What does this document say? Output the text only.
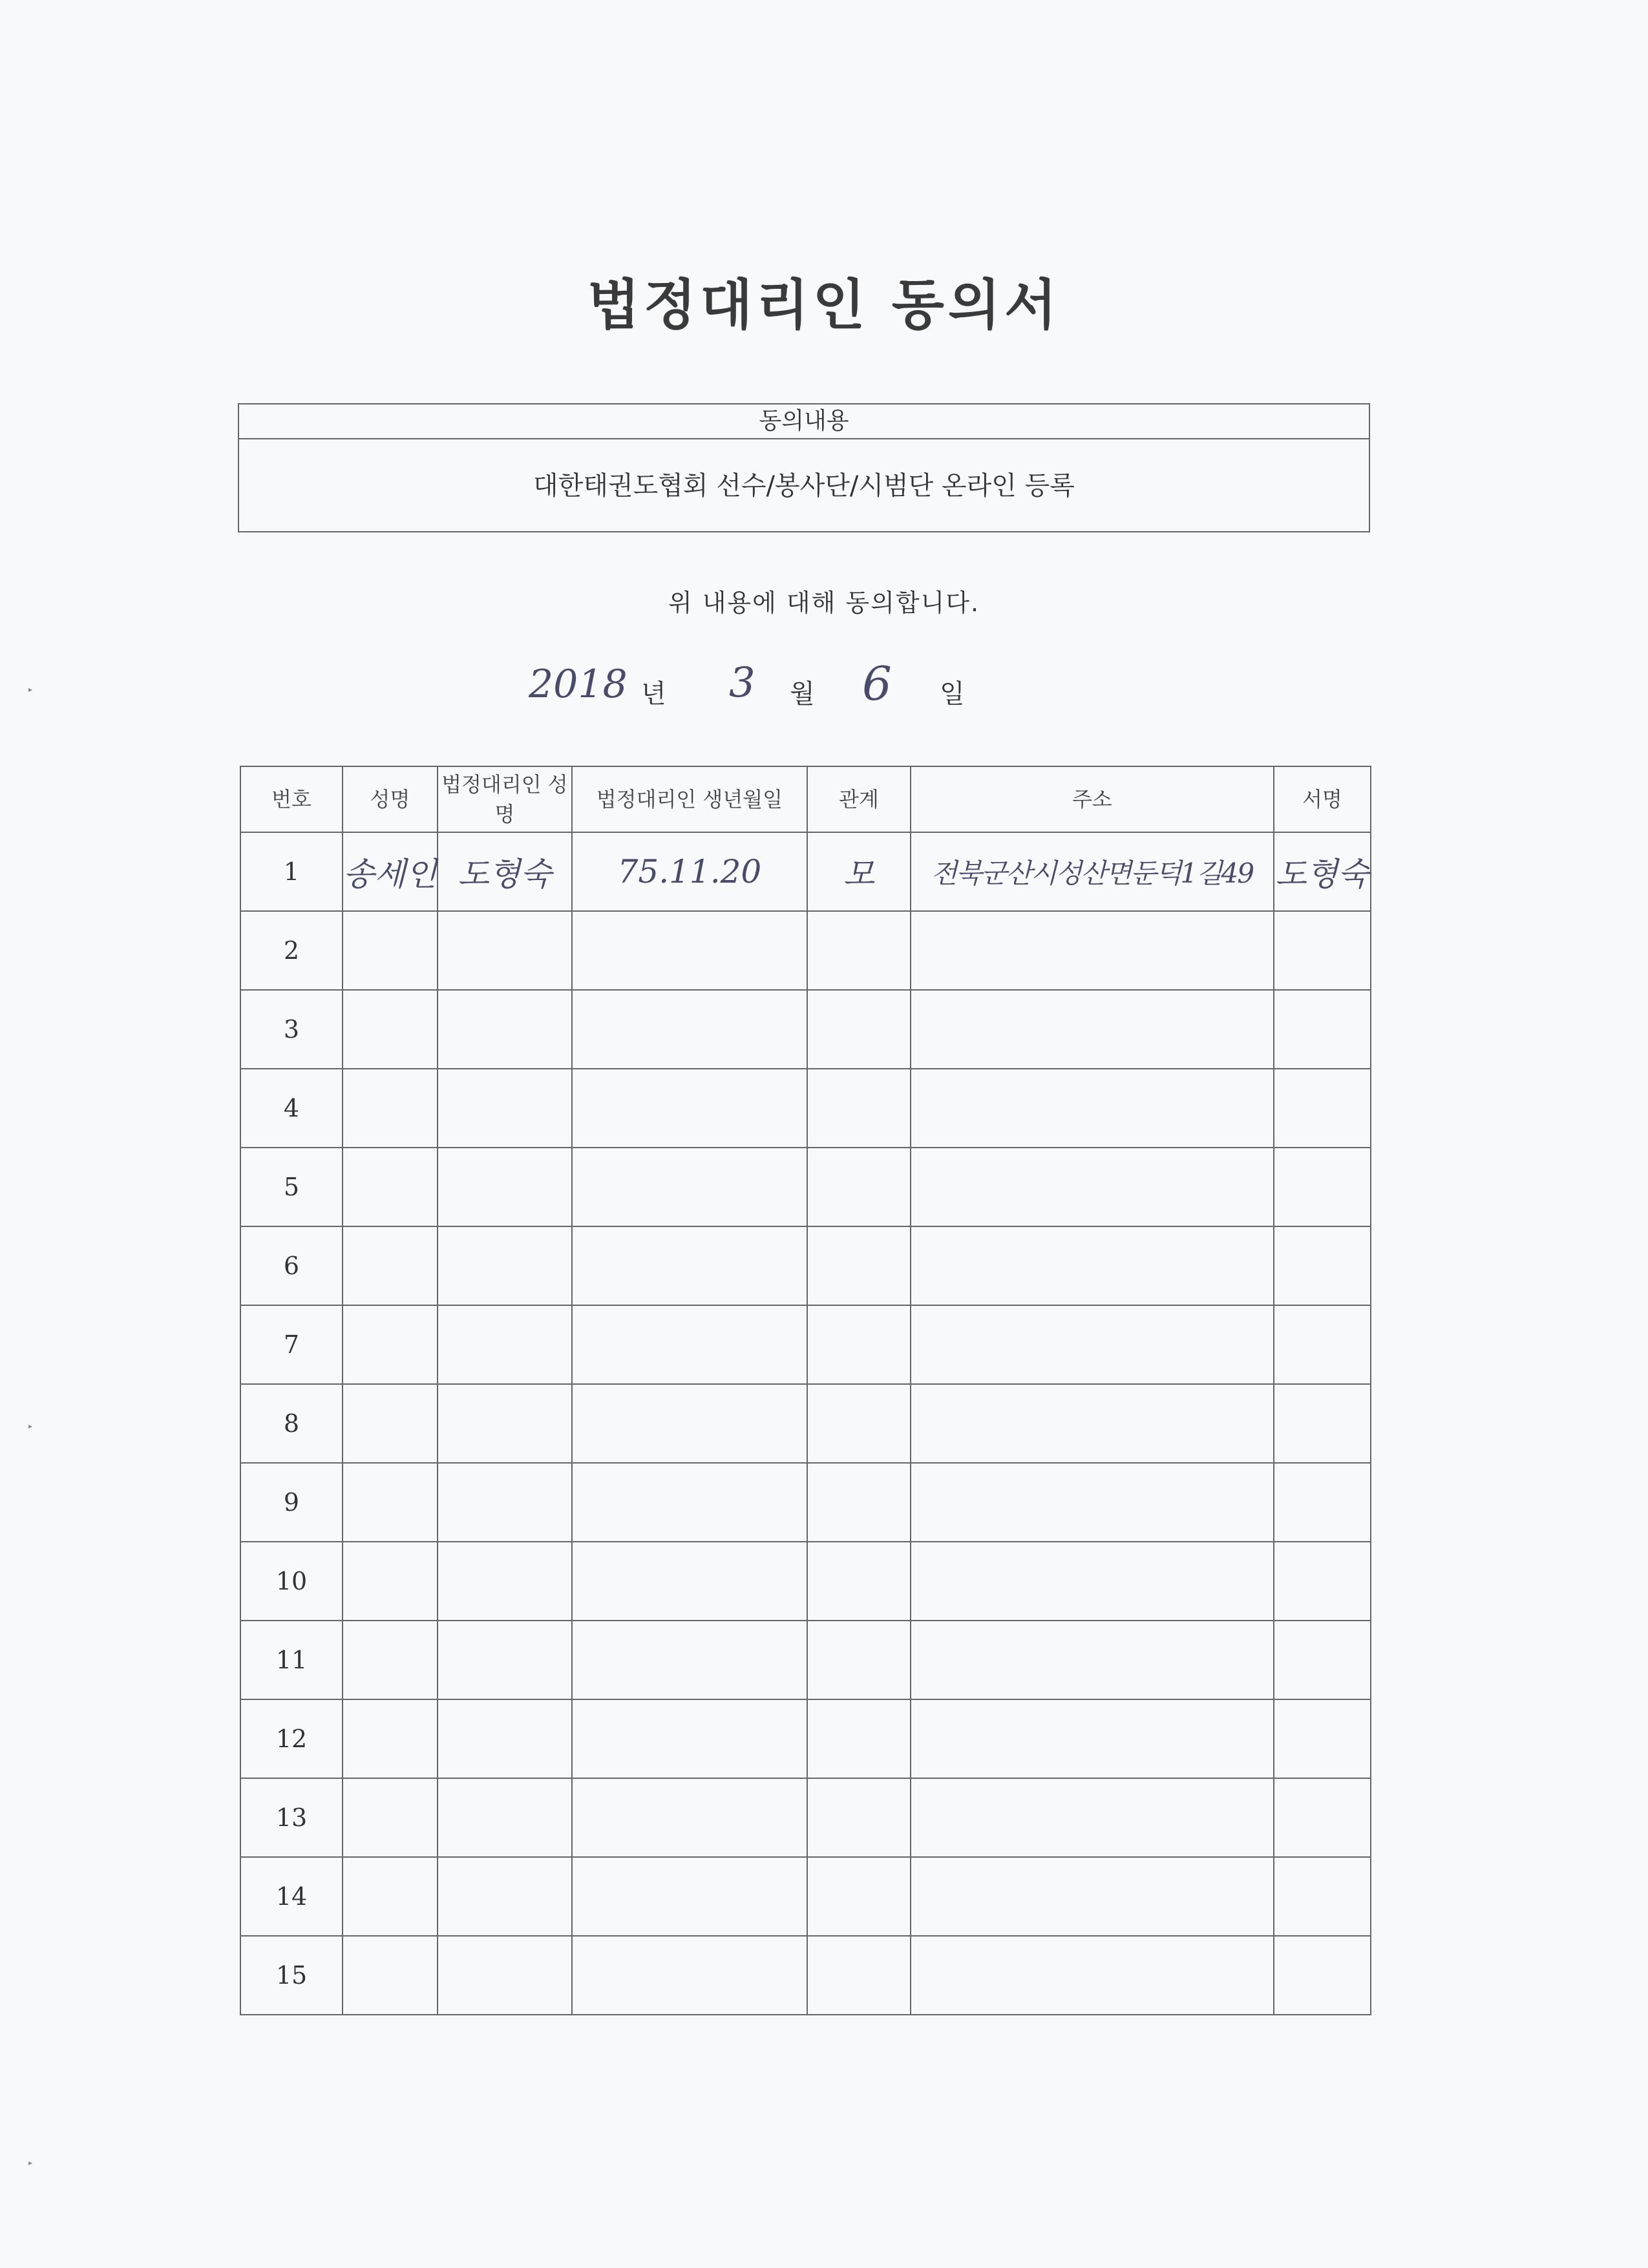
법정대리인 동의서
동의내용
대한태권도협회 선수/봉사단/시범단 온라인 등록
위 내용에 대해 동의합니다.
2018 년 3 월 6 일
번호	성명	법정대리인 성명	법정대리인 생년월일	관계	주소	서명
1	송세인	도형숙	75.11.20	모	전북군산시성산면둔덕1길49	도형숙
2						
3						
4						
5						
6						
7						
8						
9						
10						
11						
12						
13						
14						
15						
▸
▸
▸
